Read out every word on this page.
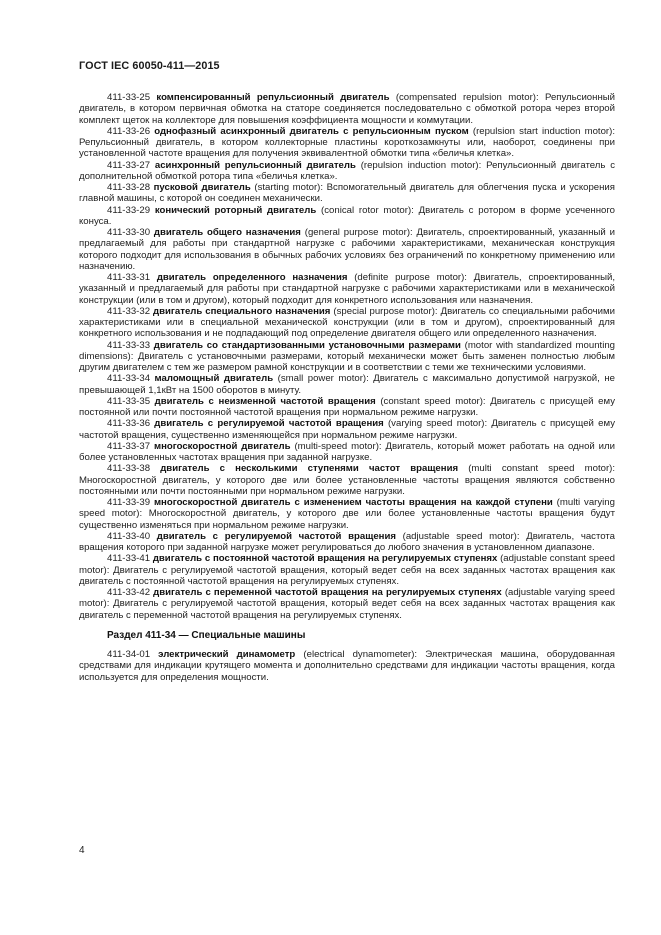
ГОСТ IEC 60050-411—2015

411-33-25 компенсированный репульсионный двигатель (compensated repulsion motor): Репульсионный двигатель, в котором первичная обмотка на статоре соединяется последовательно с обмоткой ротора через второй комплект щеток на коллекторе для повышения коэффициента мощности и коммутации.

411-33-26 однофазный асинхронный двигатель с репульсионным пуском (repulsion start induction motor): Репульсионный двигатель, в котором коллекторные пластины короткозамкнуты или, наоборот, соединены при установленной частоте вращения для получения эквивалентной обмотки типа «беличья клетка».

411-33-27 асинхронный репульсионный двигатель (repulsion induction motor): Репульсионный двигатель с дополнительной обмоткой ротора типа «беличья клетка».

411-33-28 пусковой двигатель (starting motor): Вспомогательный двигатель для облегчения пуска и ускорения главной машины, с которой он соединен механически.

411-33-29 конический роторный двигатель (conical rotor motor): Двигатель с ротором в форме усеченного конуса.

411-33-30 двигатель общего назначения (general purpose motor): Двигатель, спроектированный, указанный и предлагаемый для работы при стандартной нагрузке с рабочими характеристиками, механическая конструкция которого подходит для использования в обычных рабочих условиях без ограничений по конкретному применению или назначению.

411-33-31 двигатель определенного назначения (definite purpose motor): Двигатель, спроектированный, указанный и предлагаемый для работы при стандартной нагрузке с рабочими характеристиками или в механической конструкции (или в том и другом), который подходит для конкретного использования или назначения.

411-33-32 двигатель специального назначения (special purpose motor): Двигатель со специальными рабочими характеристиками или в специальной механической конструкции (или в том и другом), спроектированный для конкретного использования и не подпадающий под определение двигателя общего или определенного назначения.

411-33-33 двигатель со стандартизованными установочными размерами (motor with standardized mounting dimensions): Двигатель с установочными размерами, который механически может быть заменен полностью любым другим двигателем с тем же размером рамной конструкции и в соответствии с теми же техническими условиями.

411-33-34 маломощный двигатель (small power motor): Двигатель с максимально допустимой нагрузкой, не превышающей 1,1кВт на 1500 оборотов в минуту.

411-33-35 двигатель с неизменной частотой вращения (constant speed motor): Двигатель с присущей ему постоянной или почти постоянной частотой вращения при нормальном режиме нагрузки.

411-33-36 двигатель с регулируемой частотой вращения (varying speed motor): Двигатель с присущей ему частотой вращения, существенно изменяющейся при нормальном режиме нагрузки.

411-33-37 многоскоростной двигатель (multi-speed motor): Двигатель, который может работать на одной или более установленных частотах вращения при заданной нагрузке.

411-33-38 двигатель с несколькими ступенями частот вращения (multi constant speed motor): Многоскоростной двигатель, у которого две или более установленные частоты вращения являются собственно постоянными или почти постоянными при нормальном режиме нагрузки.

411-33-39 многоскоростной двигатель с изменением частоты вращения на каждой ступени (multi varying speed motor): Многоскоростной двигатель, у которого две или более установленные частоты вращения будут существенно изменяться при нормальном режиме нагрузки.

411-33-40 двигатель с регулируемой частотой вращения (adjustable speed motor): Двигатель, частота вращения которого при заданной нагрузке может регулироваться до любого значения в установленном диапазоне.

411-33-41 двигатель с постоянной частотой вращения на регулируемых ступенях (adjustable constant speed motor): Двигатель с регулируемой частотой вращения, который ведет себя на всех заданных частотах вращения как двигатель с постоянной частотой вращения на регулируемых ступенях.

411-33-42 двигатель с переменной частотой вращения на регулируемых ступенях (adjustable varying speed motor): Двигатель с регулируемой частотой вращения, который ведет себя на всех заданных частотах вращения как двигатель с переменной частотой вращения на регулируемых ступенях.

Раздел 411-34 — Специальные машины

411-34-01 электрический динамометр (electrical dynamometer): Электрическая машина, оборудованная средствами для индикации крутящего момента и дополнительно средствами для индикации частоты вращения, когда используется для определения мощности.

4
